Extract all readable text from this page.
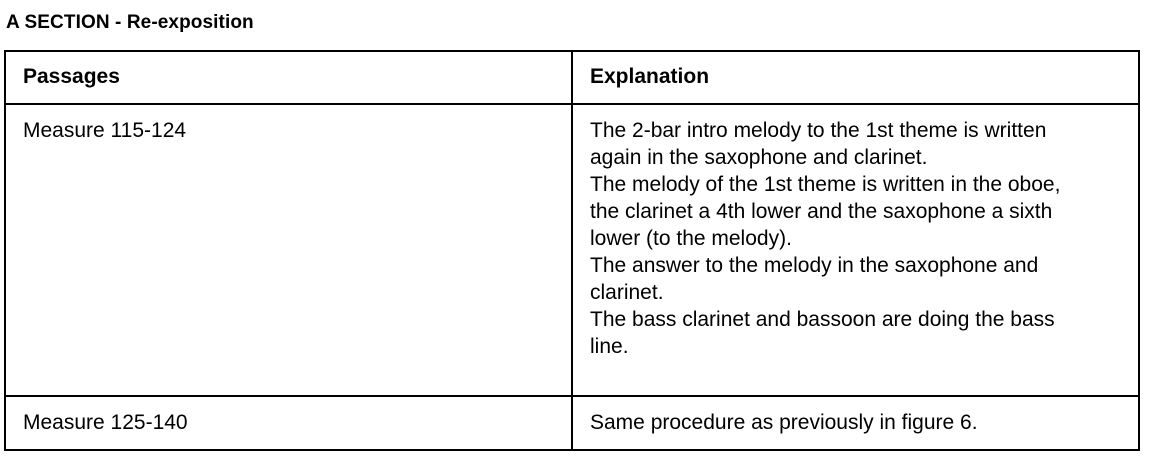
A SECTION - Re-exposition
Passages	Explanation
Measure 115-124	The 2-bar intro melody to the 1st theme is written again in the saxophone and clarinet.

The melody of the 1st theme is written in the oboe, the clarinet a 4th lower and the saxophone a sixth lower (to the melody).

The answer to the melody in the saxophone and clarinet.

The bass clarinet and bassoon are doing the bass line.

Measure 125-140	Same procedure as previously in figure 6.
